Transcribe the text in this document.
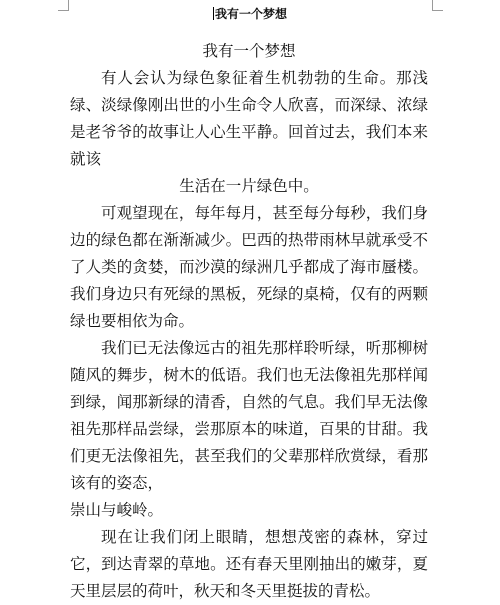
我有一个梦想
我有一个梦想

有人会认为绿色象征着生机勃勃的生命。那浅绿、淡绿像刚出世的小生命令人欣喜，而深绿、浓绿是老爷爷的故事让人心生平静。回首过去，我们本来就该

生活在一片绿色中。

可观望现在，每年每月，甚至每分每秒，我们身边的绿色都在渐渐减少。巴西的热带雨林早就承受不了人类的贪婪，而沙漠的绿洲几乎都成了海市蜃楼。我们身边只有死绿的黑板，死绿的桌椅，仅有的两颗绿也要相依为命。

我们已无法像远古的祖先那样聆听绿，听那柳树随风的舞步，树木的低语。我们也无法像祖先那样闻到绿，闻那新绿的清香，自然的气息。我们早无法像祖先那样品尝绿，尝那原本的味道，百果的甘甜。我们更无法像祖先，甚至我们的父辈那样欣赏绿，看那该有的姿态，

崇山与峻岭。

现在让我们闭上眼睛，想想茂密的森林，穿过它，到达青翠的草地。还有春天里刚抽出的嫩芽，夏天里层层的荷叶，秋天和冬天里挺拔的青松。
